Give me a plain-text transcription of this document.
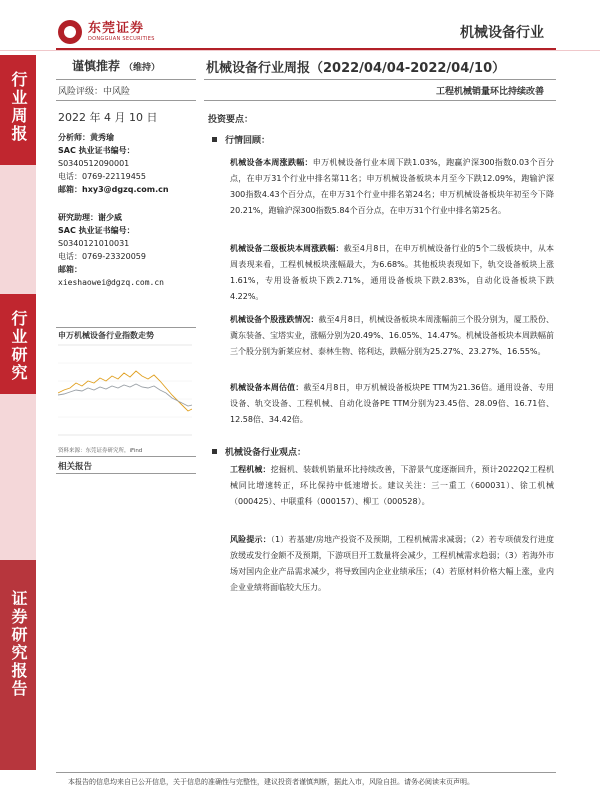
东莞证券
DONGGUAN SECURITIES	机械设备行业
行业周报
行业研究
证券研究报告
谨慎推荐 （维持）
风险评级：中风险
2022 年 4 月 10 日
分析师：黄秀瑜
SAC 执业证书编号：
S0340512090001
电话：0769-22119455
邮箱：hxy3@dgzq.com.cn
研究助理：谢少威
SAC 执业证书编号：
S0340121010031
电话：0769-23320059
邮箱：
xieshaowei@dgzq.com.cn
申万机械设备行业指数走势
资料来源：东莞证券研究所，iFind
相关报告
机械设备行业周报（2022/04/04-2022/04/10）
工程机械销量环比持续改善
投资要点：
行情回顾：
机械设备本周涨跌幅：申万机械设备行业本周下跌1.03%，跑赢沪深300指数0.03个百分点，在申万31个行业中排名第11名；申万机械设备板块本月至今下跌12.09%，跑输沪深300指数4.43个百分点，在申万31个行业中排名第24名；申万机械设备板块年初至今下降20.21%，跑输沪深300指数5.84个百分点，在申万31个行业中排名第25名。
机械设备二级板块本周涨跌幅：截至4月8日，在申万机械设备行业的5个二级板块中，从本周表现来看，工程机械板块涨幅最大，为6.68%。其他板块表现如下，轨交设备板块上涨1.61%，专用设备板块下跌2.71%，通用设备板块下跌2.83%，自动化设备板块下跌4.22%。
机械设备个股涨跌情况：截至4月8日，机械设备板块本周涨幅前三个股分别为，厦工股份、冀东装备、宝塔实业，涨幅分别为20.49%、16.05%、14.47%。机械设备板块本周跌幅前三个股分别为新莱应材、泰林生物、铭利达，跌幅分别为25.27%、23.27%、16.55%。
机械设备本周估值：截至4月8日，申万机械设备板块PE TTM为21.36倍。通用设备、专用设备、轨交设备、工程机械、自动化设备PE TTM分别为23.45倍、28.09倍、16.71倍、12.58倍、34.42倍。
机械设备行业观点：
工程机械：挖掘机、装载机销量环比持续改善，下游景气度逐渐回升，预计2022Q2工程机械同比增速转正，环比保持中低速增长。建议关注：三一重工（600031）、徐工机械（000425）、中联重科（000157）、柳工（000528）。
风险提示：（1）若基建/房地产投资不及预期，工程机械需求减弱；（2）若专项债发行进度放缓或发行金额不及预期，下游项目开工数量将会减少，工程机械需求趋弱；（3）若海外市场对国内企业产品需求减少，将导致国内企业业绩承压；（4）若原材料价格大幅上涨，业内企业业绩将面临较大压力。
本报告的信息均来自已公开信息，关于信息的准确性与完整性，建议投资者谨慎判断，据此入市，风险自担。请务必阅读末页声明。
